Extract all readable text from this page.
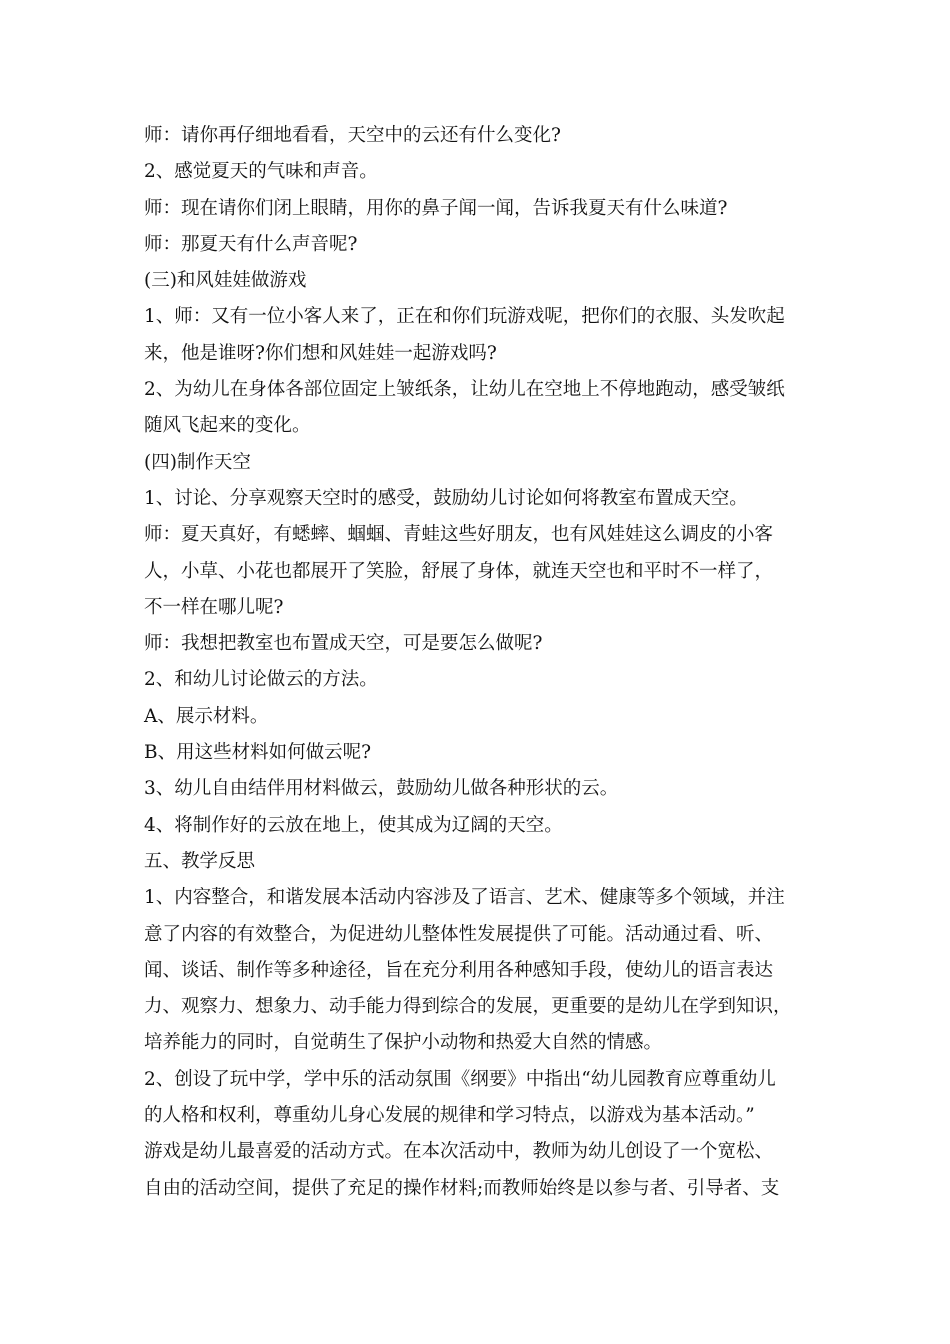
师：请你再仔细地看看，天空中的云还有什么变化?
2、感觉夏天的气味和声音。
师：现在请你们闭上眼睛，用你的鼻子闻一闻，告诉我夏天有什么味道?
师：那夏天有什么声音呢?
(三)和风娃娃做游戏
1、师：又有一位小客人来了，正在和你们玩游戏呢，把你们的衣服、头发吹起
来，他是谁呀?你们想和风娃娃一起游戏吗?
2、为幼儿在身体各部位固定上皱纸条，让幼儿在空地上不停地跑动，感受皱纸
随风飞起来的变化。
(四)制作天空
1、讨论、分享观察天空时的感受，鼓励幼儿讨论如何将教室布置成天空。
师：夏天真好，有蟋蟀、蝈蝈、青蛙这些好朋友，也有风娃娃这么调皮的小客
人，小草、小花也都展开了笑脸，舒展了身体，就连天空也和平时不一样了，
不一样在哪儿呢?
师：我想把教室也布置成天空，可是要怎么做呢?
2、和幼儿讨论做云的方法。
A、展示材料。
B、用这些材料如何做云呢?
3、幼儿自由结伴用材料做云，鼓励幼儿做各种形状的云。
4、将制作好的云放在地上，使其成为辽阔的天空。
五、教学反思
1、内容整合，和谐发展本活动内容涉及了语言、艺术、健康等多个领域，并注
意了内容的有效整合，为促进幼儿整体性发展提供了可能。活动通过看、听、
闻、谈话、制作等多种途径，旨在充分利用各种感知手段，使幼儿的语言表达
力、观察力、想象力、动手能力得到综合的发展，更重要的是幼儿在学到知识，
培养能力的同时，自觉萌生了保护小动物和热爱大自然的情感。
2、创设了玩中学，学中乐的活动氛围《纲要》中指出“幼儿园教育应尊重幼儿
的人格和权利，尊重幼儿身心发展的规律和学习特点，以游戏为基本活动。”
游戏是幼儿最喜爱的活动方式。在本次活动中，教师为幼儿创设了一个宽松、
自由的活动空间，提供了充足的操作材料;而教师始终是以参与者、引导者、支
